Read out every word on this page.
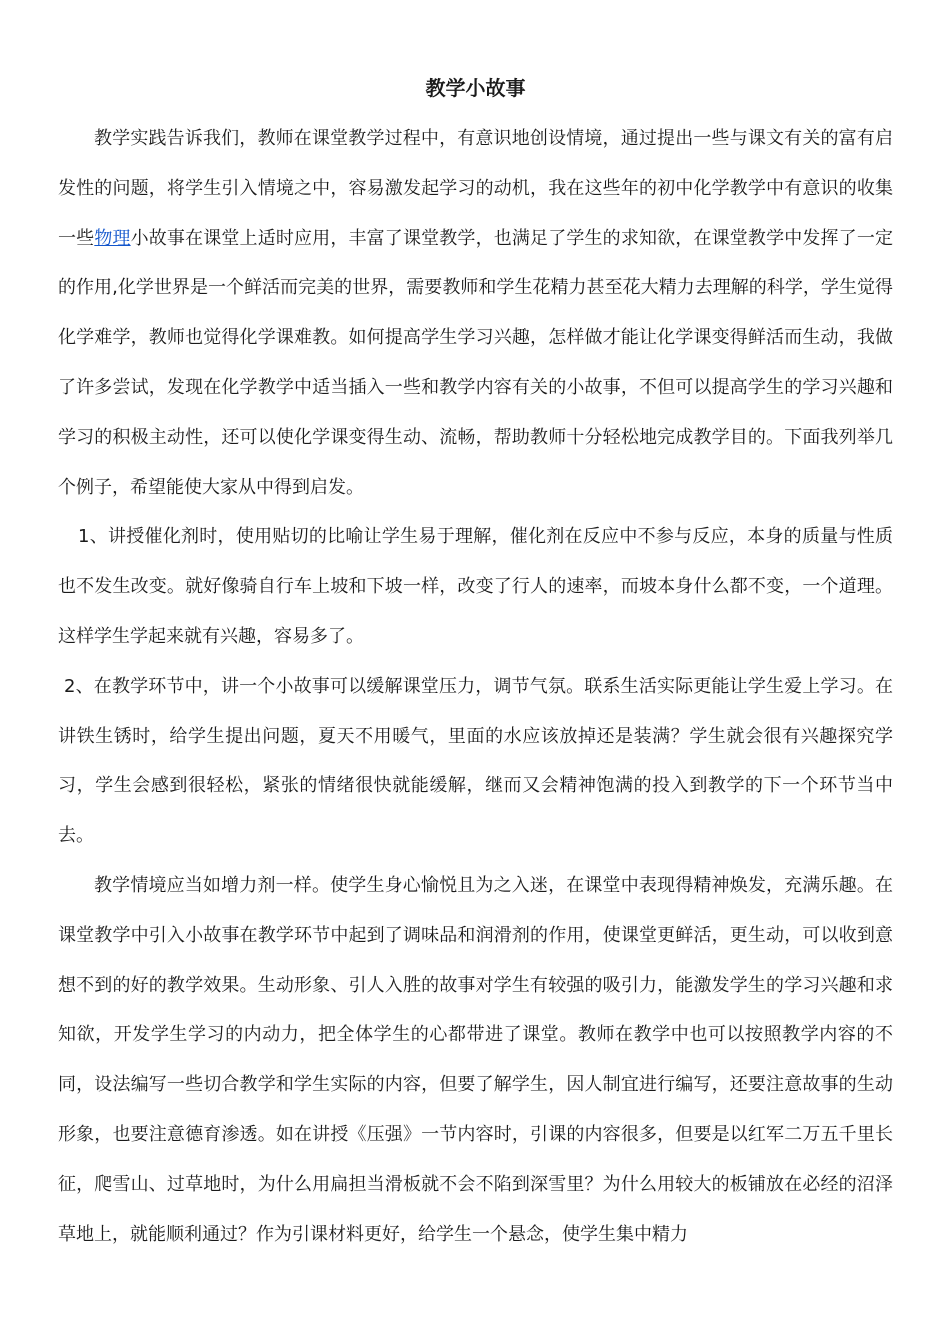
教学小故事

教学实践告诉我们，教师在课堂教学过程中，有意识地创设情境，通过提出一些与课文有关的富有启发性的问题，将学生引入情境之中，容易激发起学习的动机，我在这些年的初中化学教学中有意识的收集一些物理小故事在课堂上适时应用，丰富了课堂教学，也满足了学生的求知欲，在课堂教学中发挥了一定的作用,化学世界是一个鲜活而完美的世界，需要教师和学生花精力甚至花大精力去理解的科学，学生觉得化学难学，教师也觉得化学课难教。如何提高学生学习兴趣，怎样做才能让化学课变得鲜活而生动，我做了许多尝试，发现在化学教学中适当插入一些和教学内容有关的小故事，不但可以提高学生的学习兴趣和学习的积极主动性，还可以使化学课变得生动、流畅，帮助教师十分轻松地完成教学目的。下面我列举几个例子，希望能使大家从中得到启发。

1、讲授催化剂时，使用贴切的比喻让学生易于理解，催化剂在反应中不参与反应，本身的质量与性质也不发生改变。就好像骑自行车上坡和下坡一样，改变了行人的速率，而坡本身什么都不变，一个道理。这样学生学起来就有兴趣，容易多了。

2、在教学环节中，讲一个小故事可以缓解课堂压力，调节气氛。联系生活实际更能让学生爱上学习。在讲铁生锈时，给学生提出问题，夏天不用暖气，里面的水应该放掉还是装满？学生就会很有兴趣探究学习，学生会感到很轻松，紧张的情绪很快就能缓解，继而又会精神饱满的投入到教学的下一个环节当中去。

教学情境应当如增力剂一样。使学生身心愉悦且为之入迷，在课堂中表现得精神焕发，充满乐趣。在课堂教学中引入小故事在教学环节中起到了调味品和润滑剂的作用，使课堂更鲜活，更生动，可以收到意想不到的好的教学效果。生动形象、引人入胜的故事对学生有较强的吸引力，能激发学生的学习兴趣和求知欲，开发学生学习的内动力，把全体学生的心都带进了课堂。教师在教学中也可以按照教学内容的不同，设法编写一些切合教学和学生实际的内容，但要了解学生，因人制宜进行编写，还要注意故事的生动形象，也要注意德育渗透。如在讲授《压强》一节内容时，引课的内容很多，但要是以红军二万五千里长征，爬雪山、过草地时，为什么用扁担当滑板就不会不陷到深雪里？为什么用较大的板铺放在必经的沼泽草地上，就能顺利通过？作为引课材料更好，给学生一个悬念，使学生集中精力
